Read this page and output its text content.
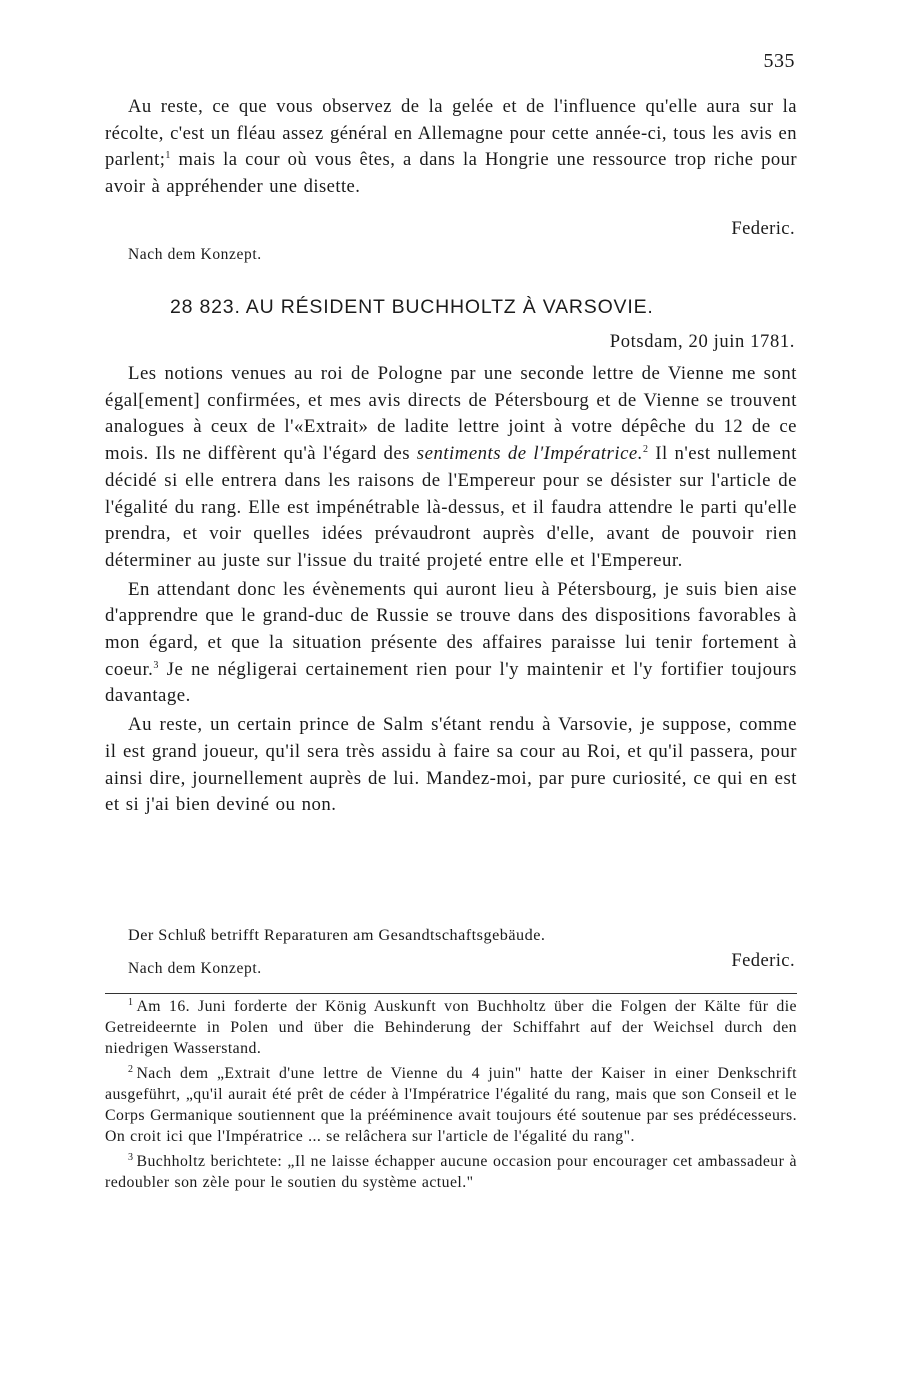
535

Au reste, ce que vous observez de la gelée et de l'influence qu'elle aura sur la récolte, c'est un fléau assez général en Allemagne pour cette année-ci, tous les avis en parlent;$^1$ mais la cour où vous êtes, a dans la Hongrie une ressource trop riche pour avoir à appréhender une disette.

Federic.
Nach dem Konzept.
28 823. AU RÉSIDENT BUCHHOLTZ À VARSOVIE.
Potsdam, 20 juin 1781.

Les notions venues au roi de Pologne par une seconde lettre de Vienne me sont égal[ement] confirmées, et mes avis directs de Pétersbourg et de Vienne se trouvent analogues à ceux de l'«Extrait» de ladite lettre joint à votre dépêche du 12 de ce mois. Ils ne diffèrent qu'à l'égard des sentiments de l'Impératrice.$^2$ Il n'est nullement décidé si elle entrera dans les raisons de l'Empereur pour se désister sur l'article de l'égalité du rang. Elle est impénétrable là-dessus, et il faudra attendre le parti qu'elle prendra, et voir quelles idées prévaudront auprès d'elle, avant de pouvoir rien déterminer au juste sur l'issue du traité projeté entre elle et l'Empereur.

En attendant donc les évènements qui auront lieu à Pétersbourg, je suis bien aise d'apprendre que le grand-duc de Russie se trouve dans des dispositions favorables à mon égard, et que la situation présente des affaires paraisse lui tenir fortement à coeur.$^3$ Je ne négligerai certainement rien pour l'y maintenir et l'y fortifier toujours davantage.

Au reste, un certain prince de Salm s'étant rendu à Varsovie, je suppose, comme il est grand joueur, qu'il sera très assidu à faire sa cour au Roi, et qu'il passera, pour ainsi dire, journellement auprès de lui. Mandez-moi, par pure curiosité, ce qui en est et si j'ai bien deviné ou non.

Der Schluß betrifft Reparaturen am Gesandtschaftsgebäude.
Nach dem Konzept.	Federic.

$^1$ Am 16. Juni forderte der König Auskunft von Buchholtz über die Folgen der Kälte für die Getreideernte in Polen und über die Behinderung der Schiffahrt auf der Weichsel durch den niedrigen Wasserstand.

$^2$ Nach dem „Extrait d'une lettre de Vienne du 4 juin" hatte der Kaiser in einer Denkschrift ausgeführt, „qu'il aurait été prêt de céder à l'Impératrice l'égalité du rang, mais que son Conseil et le Corps Germanique soutiennent que la prééminence avait toujours été soutenue par ses prédécesseurs. On croit ici que l'Impératrice ... se relâchera sur l'article de l'égalité du rang".

$^3$ Buchholtz berichtete: „Il ne laisse échapper aucune occasion pour encourager cet ambassadeur à redoubler son zèle pour le soutien du système actuel."
